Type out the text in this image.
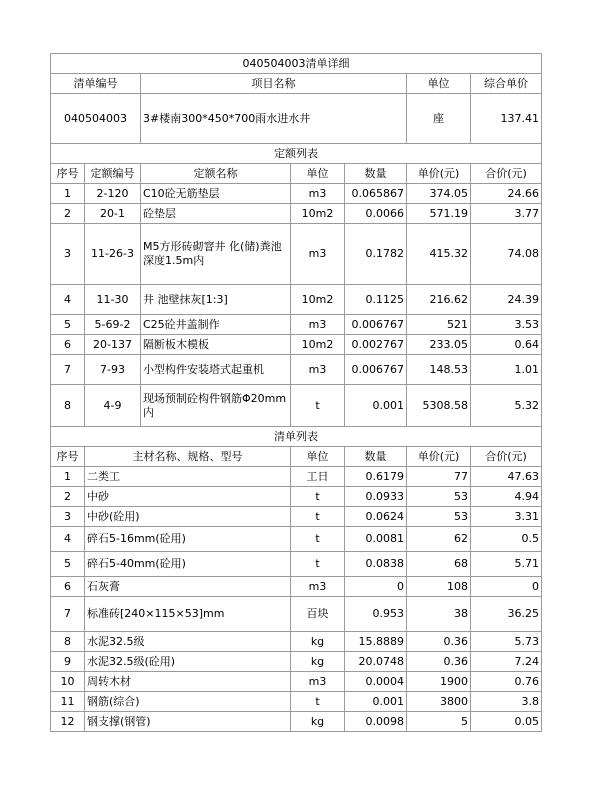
040504003清单详细						
清单编号		项目名称			单位	综合单价
040504003		3#楼南300*450*700雨水进水井			座	137.41
定额列表						
序号	定额编号	定额名称	单位	数量	单价(元)	合价(元)
1	2-120	C10砼无筋垫层	m3	0.065867	374.05	24.66
2	20-1	砼垫层	10m2	0.0066	571.19	3.77
3	11-26-3	M5方形砖砌窨井 化(储)粪池深度1.5m内	m3	0.1782	415.32	74.08
4	11-30	井 池壁抹灰[1:3]	10m2	0.1125	216.62	24.39
5	5-69-2	C25砼井盖制作	m3	0.006767	521	3.53
6	20-137	隔断板木模板	10m2	0.002767	233.05	0.64
7	7-93	小型构件安装塔式起重机	m3	0.006767	148.53	1.01
8	4-9	现场预制砼构件钢筋Φ20mm内	t	0.001	5308.58	5.32
清单列表						
序号	主材名称、规格、型号		单位	数量	单价(元)	合价(元)
1	二类工		工日	0.6179	77	47.63
2	中砂		t	0.0933	53	4.94
3	中砂(砼用)		t	0.0624	53	3.31
4	碎石5-16mm(砼用)		t	0.0081	62	0.5
5	碎石5-40mm(砼用)		t	0.0838	68	5.71
6	石灰膏		m3	0	108	0
7	标准砖[240×115×53]mm		百块	0.953	38	36.25
8	水泥32.5级		kg	15.8889	0.36	5.73
9	水泥32.5级(砼用)		kg	20.0748	0.36	7.24
10	周转木材		m3	0.0004	1900	0.76
11	钢筋(综合)		t	0.001	3800	3.8
12	钢支撑(钢管)		kg	0.0098	5	0.05
